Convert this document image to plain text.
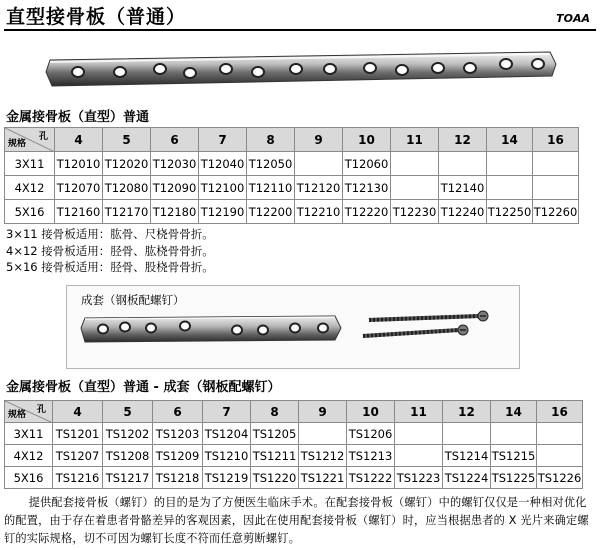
直型接骨板（普通）	TOAA
金属接骨板（直型）普通
规格
孔	4	5	6	7	8	9	10	11	12	14	16
3X11	T12010	T12020	T12030	T12040	T12050		T12060				
4X12	T12070	T12080	T12090	T12100	T12110	T12120	T12130		T12140		
5X16	T12160	T12170	T12180	T12190	T12200	T12210	T12220	T12230	T12240	T12250	T12260
3×11 接骨板适用：肱骨、尺桡骨骨折。
4×12 接骨板适用：胫骨、肱桡骨骨折。
5×16 接骨板适用：胫骨、股桡骨骨折。
成套（钢板配螺钉）
金属接骨板（直型）普通 - 成套（钢板配螺钉）
规格 孔	4	5	6	7	8	9	10	11	12	14	16
3X11	TS1201	TS1202	TS1203	TS1204	TS1205		TS1206				
4X12	TS1207	TS1208	TS1209	TS1210	TS1211	TS1212	TS1213		TS1214	TS1215	
5X16	TS1216	TS1217	TS1218	TS1219	TS1220	TS1221	TS1222	TS1223	TS1224	TS1225	TS1226
提供配套接骨板（螺钉）的目的是为了方便医生临床手术。在配套接骨板（螺钉）中的螺钉仅仅是一种相对优化的配置，由于存在着患者骨骼差异的客观因素，因此在使用配套接骨板（螺钉）时，应当根据患者的 X 光片来确定螺钉的实际规格，切不可因为螺钉长度不符而任意剪断螺钉。
